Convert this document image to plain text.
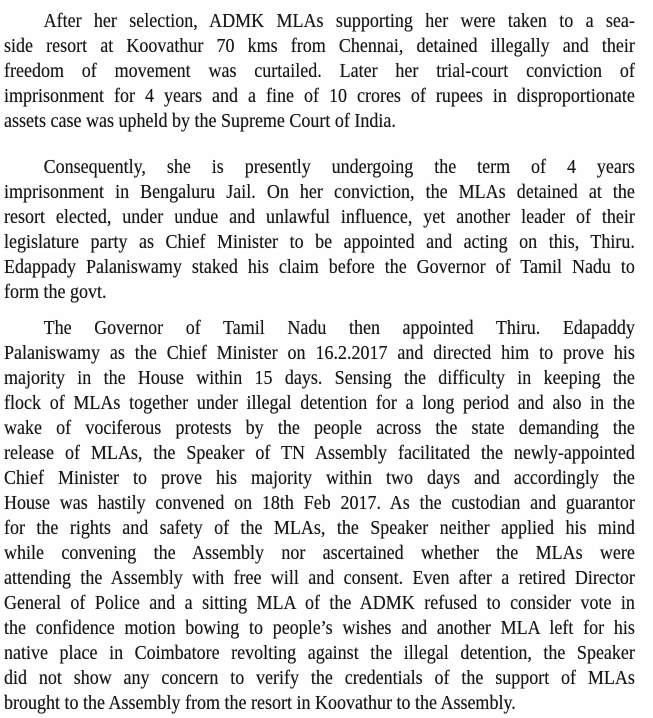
After her selection, ADMK MLAs supporting her were taken to a sea-
side resort at Koovathur 70 kms from Chennai, detained illegally and their
freedom of movement was curtailed. Later her trial-court conviction of
imprisonment for 4 years and a fine of 10 crores of rupees in disproportionate
assets case was upheld by the Supreme Court of India.
Consequently, she is presently undergoing the term of 4 years
imprisonment in Bengaluru Jail. On her conviction, the MLAs detained at the
resort elected, under undue and unlawful influence, yet another leader of their
legislature party as Chief Minister to be appointed and acting on this, Thiru.
Edappady Palaniswamy staked his claim before the Governor of Tamil Nadu to
form the govt.
The Governor of Tamil Nadu then appointed Thiru. Edapaddy
Palaniswamy as the Chief Minister on 16.2.2017 and directed him to prove his
majority in the House within 15 days. Sensing the difficulty in keeping the
flock of MLAs together under illegal detention for a long period and also in the
wake of vociferous protests by the people across the state demanding the
release of MLAs, the Speaker of TN Assembly facilitated the newly-appointed
Chief Minister to prove his majority within two days and accordingly the
House was hastily convened on 18th Feb 2017. As the custodian and guarantor
for the rights and safety of the MLAs, the Speaker neither applied his mind
while convening the Assembly nor ascertained whether the MLAs were
attending the Assembly with free will and consent. Even after a retired Director
General of Police and a sitting MLA of the ADMK refused to consider vote in
the confidence motion bowing to people’s wishes and another MLA left for his
native place in Coimbatore revolting against the illegal detention, the Speaker
did not show any concern to verify the credentials of the support of MLAs
brought to the Assembly from the resort in Koovathur to the Assembly.
